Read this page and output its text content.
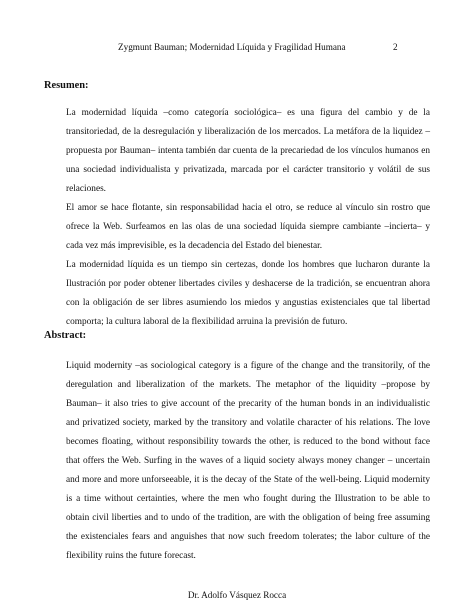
Zygmunt Bauman; Modernidad Líquida y Fragilidad Humana	2
Resumen:

La modernidad líquida –como categoría sociológica– es una figura del cambio y de la transitoriedad, de la desregulación y liberalización de los mercados. La metáfora de la liquidez –propuesta por Bauman– intenta también dar cuenta de la precariedad de los vínculos humanos en una sociedad individualista y privatizada, marcada por el carácter transitorio y volátil de sus relaciones.

El amor se hace flotante, sin responsabilidad hacia el otro, se reduce al vínculo sin rostro que ofrece la Web. Surfeamos en las olas de una sociedad líquida siempre cambiante –incierta– y cada vez más imprevisible, es la decadencia del Estado del bienestar.

La modernidad líquida es un tiempo sin certezas, donde los hombres que lucharon durante la Ilustración por poder obtener libertades civiles y deshacerse de la tradición, se encuentran ahora con la obligación de ser libres asumiendo los miedos y angustias existenciales que tal libertad comporta; la cultura laboral de la flexibilidad arruina la previsión de futuro.

Abstract:

Liquid modernity –as sociological category is a figure of the change and the transitorily, of the deregulation and liberalization of the markets. The metaphor of the liquidity –propose by Bauman– it also tries to give account of the precarity of the human bonds in an individualistic and privatized society, marked by the transitory and volatile character of his relations. The love becomes floating, without responsibility towards the other, is reduced to the bond without face that offers the Web. Surfing in the waves of a liquid society always money changer – uncertain and more and more unforseeable, it is the decay of the State of the well-being. Liquid modernity is a time without certainties, where the men who fought during the Illustration to be able to obtain civil liberties and to undo of the tradition, are with the obligation of being free assuming the existenciales fears and anguishes that now such freedom tolerates; the labor culture of the flexibility ruins the future forecast.

Dr. Adolfo Vásquez Rocca
